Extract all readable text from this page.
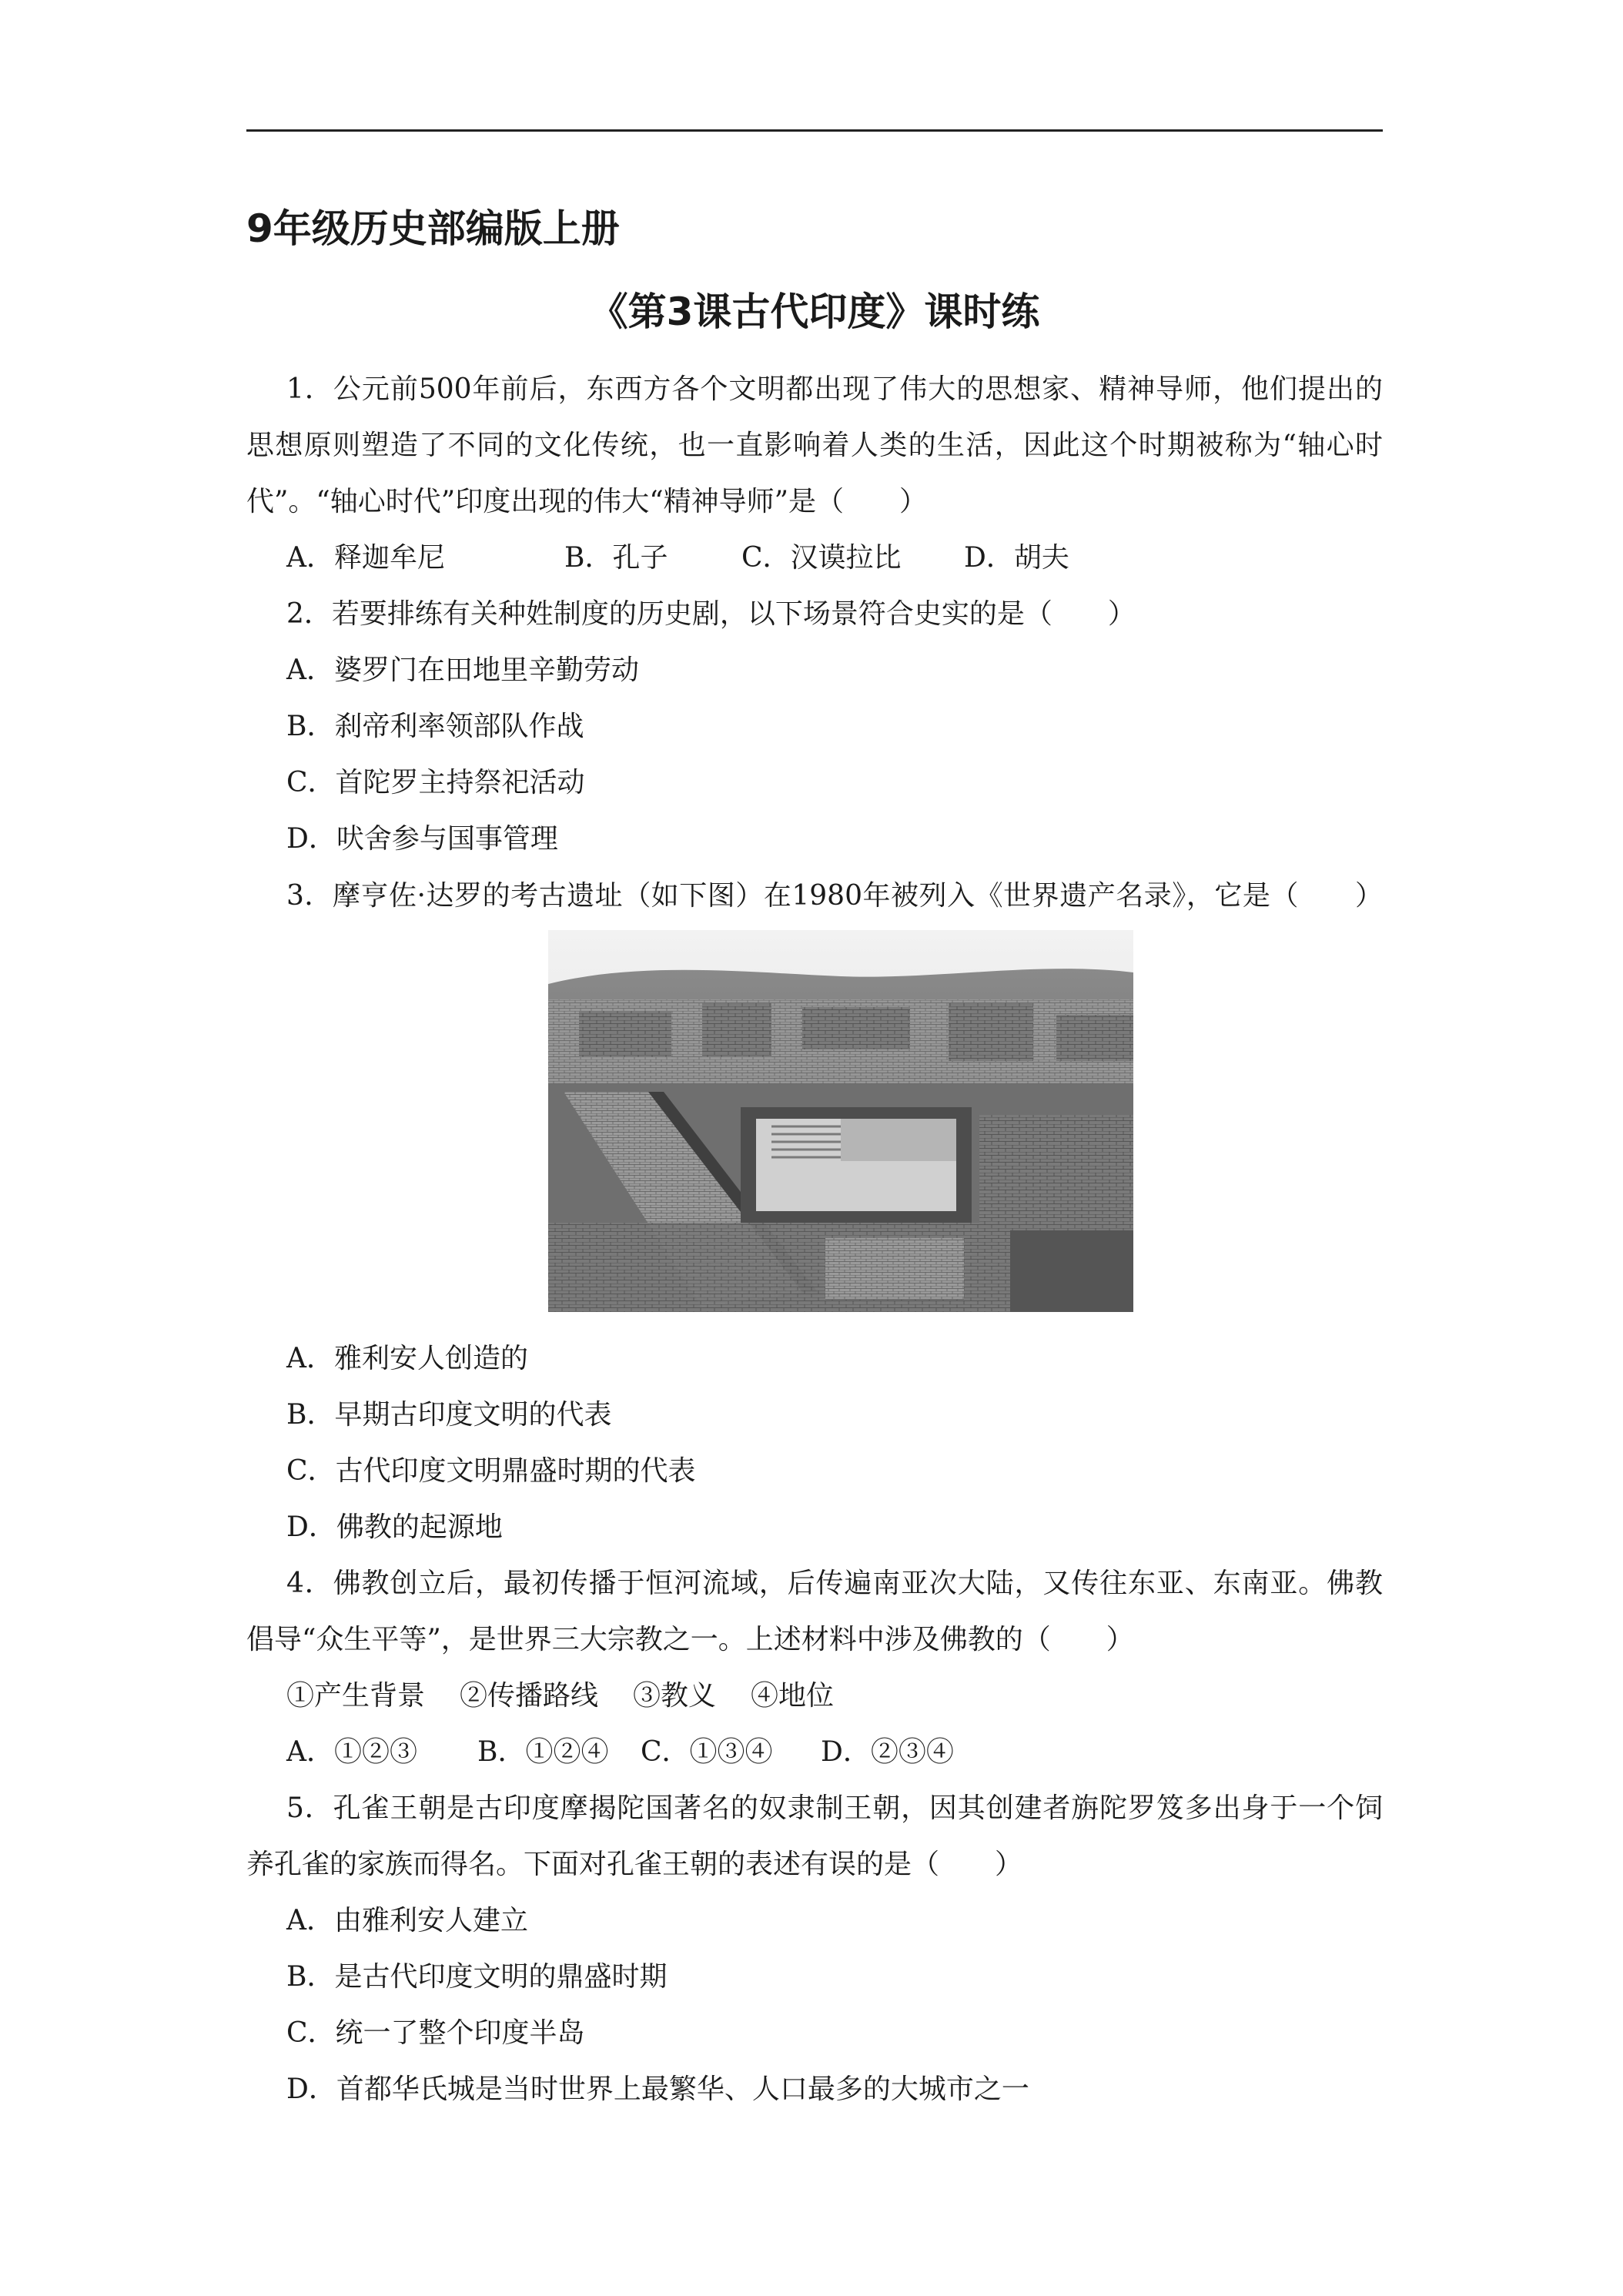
9年级历史部编版上册
《第3课古代印度》课时练
1．公元前500年前后，东西方各个文明都出现了伟大的思想家、精神导师，他们提出的
思想原则塑造了不同的文化传统，也一直影响着人类的生活，因此这个时期被称为“轴心时
代”。“轴心时代”印度出现的伟大“精神导师”是（　　）
A．释迦牟尼	B．孔子	C．汉谟拉比 D．胡夫
2．若要排练有关种姓制度的历史剧，以下场景符合史实的是（　　）
A．婆罗门在田地里辛勤劳动
B．刹帝利率领部队作战
C．首陀罗主持祭祀活动
D．吠舍参与国事管理
3．摩亨佐·达罗的考古遗址（如下图）在1980年被列入《世界遗产名录》，它是（　　）
A．雅利安人创造的
B．早期古印度文明的代表
C．古代印度文明鼎盛时期的代表
D．佛教的起源地
4．佛教创立后，最初传播于恒河流域，后传遍南亚次大陆，又传往东亚、东南亚。佛教
倡导“众生平等”，是世界三大宗教之一。上述材料中涉及佛教的（　　）
①产生背景 ②传播路线 ③教义 ④地位
A．①②③ B．①②④ C．①③④ D．②③④
5．孔雀王朝是古印度摩揭陀国著名的奴隶制王朝，因其创建者旃陀罗笈多出身于一个饲
养孔雀的家族而得名。下面对孔雀王朝的表述有误的是（　　）
A．由雅利安人建立
B．是古代印度文明的鼎盛时期
C．统一了整个印度半岛
D．首都华氏城是当时世界上最繁华、人口最多的大城市之一
